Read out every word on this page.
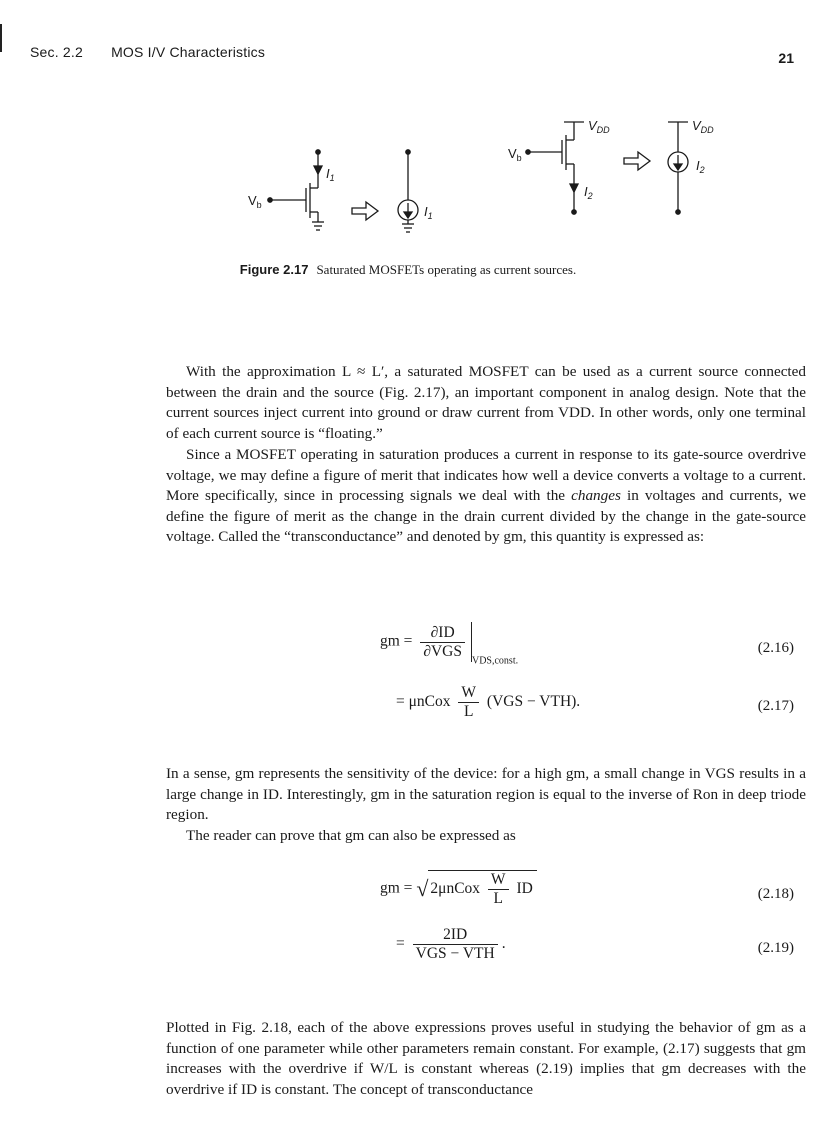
Sec. 2.2 MOS I/V Characteristics	21
$V_b$
$I_1$
$I_1$
$V_{DD}$
$V_b$
$I_2$
$V_{DD}$
$I_2$
Figure 2.17 Saturated MOSFETs operating as current sources.

With the approximation L ≈ L′, a saturated MOSFET can be used as a current source connected between the drain and the source (Fig. 2.17), an important component in analog design. Note that the current sources inject current into ground or draw current from VDD. In other words, only one terminal of each current source is “floating.”

Since a MOSFET operating in saturation produces a current in response to its gate-source overdrive voltage, we may define a figure of merit that indicates how well a device converts a voltage to a current. More specifically, since in processing signals we deal with the changes in voltages and currents, we define the figure of merit as the change in the drain current divided by the change in the gate-source voltage. Called the “transconductance” and denoted by gm, this quantity is expressed as:

gm = $\frac{\partial ID}{\text{∂VGS}}$
$_{VDS,const.}$
(2.16)
= μnCox $\frac{W}{L} (VGS - VTH)$.	(2.17)

In a sense, gm represents the sensitivity of the device: for a high gm, a small change in VGS results in a large change in ID. Interestingly, gm in the saturation region is equal to the inverse of Ron in deep triode region.

The reader can prove that gm can also be expressed as

gm = √ 2μnCox $\frac{W}{L}$ ID	(2.18)
= $\frac{2ID}{\text{VGS − VTH}}$ .	(2.19)

Plotted in Fig. 2.18, each of the above expressions proves useful in studying the behavior of gm as a function of one parameter while other parameters remain constant. For example, (2.17) suggests that gm increases with the overdrive if W/L is constant whereas (2.19) implies that gm decreases with the overdrive if ID is constant. The concept of transconductance
